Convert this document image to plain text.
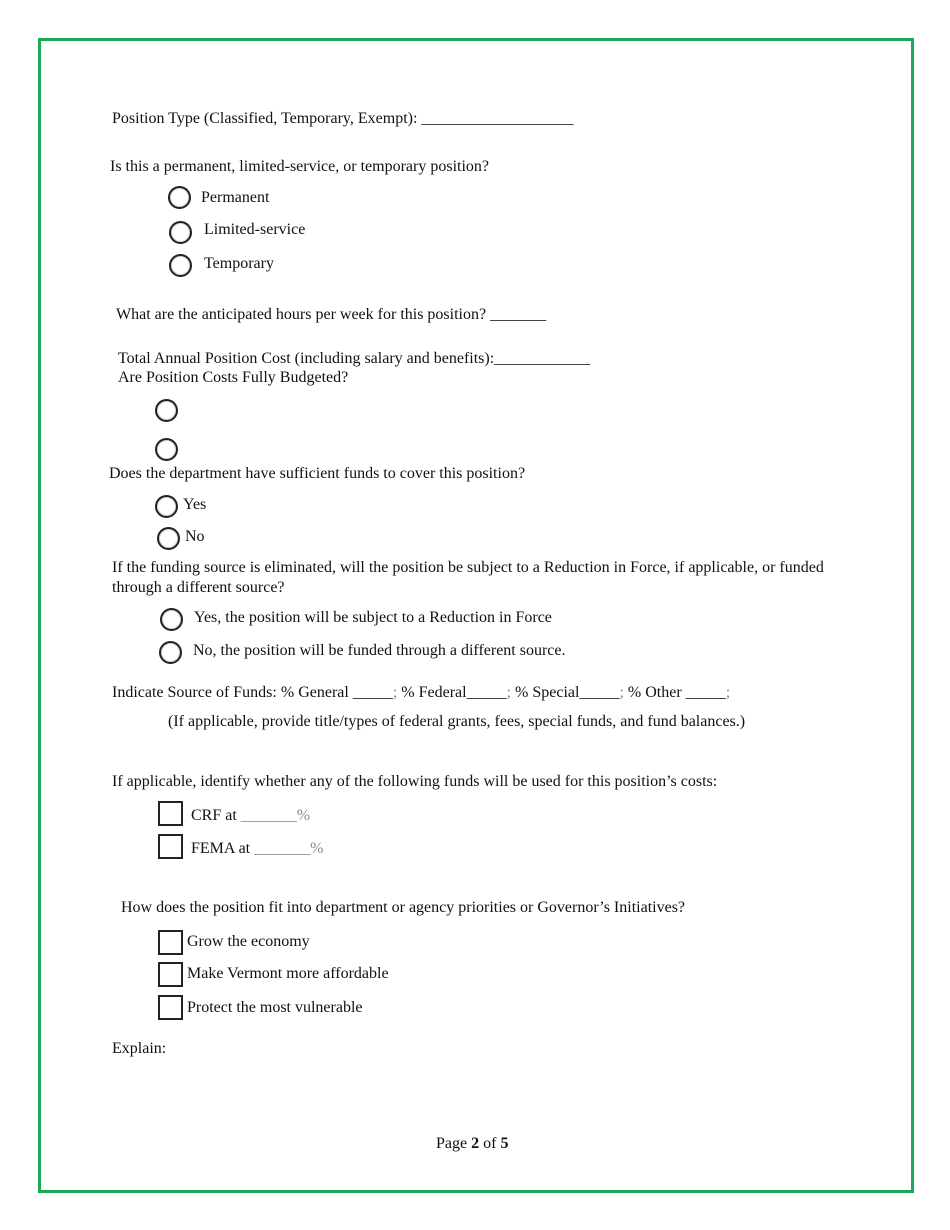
Position Type (Classified, Temporary, Exempt): ___________________
Is this a permanent, limited-service, or temporary position?
Permanent
Limited-service
Temporary
What are the anticipated hours per week for this position? _______
Total Annual Position Cost (including salary and benefits):____________
Are Position Costs Fully Budgeted?
Does the department have sufficient funds to cover this position?
Yes
No
If the funding source is eliminated, will the position be subject to a Reduction in Force, if applicable, or funded through a different source?
Yes, the position will be subject to a Reduction in Force
No, the position will be funded through a different source.
Indicate Source of Funds: % General _____; % Federal_____; % Special_____; % Other _____;
(If applicable, provide title/types of federal grants, fees, special funds, and fund balances.)
If applicable, identify whether any of the following funds will be used for this position’s costs:
CRF at _______%
FEMA at _______%
How does the position fit into department or agency priorities or Governor’s Initiatives?
Grow the economy
Make Vermont more affordable
Protect the most vulnerable
Explain:
Page 2 of 5
